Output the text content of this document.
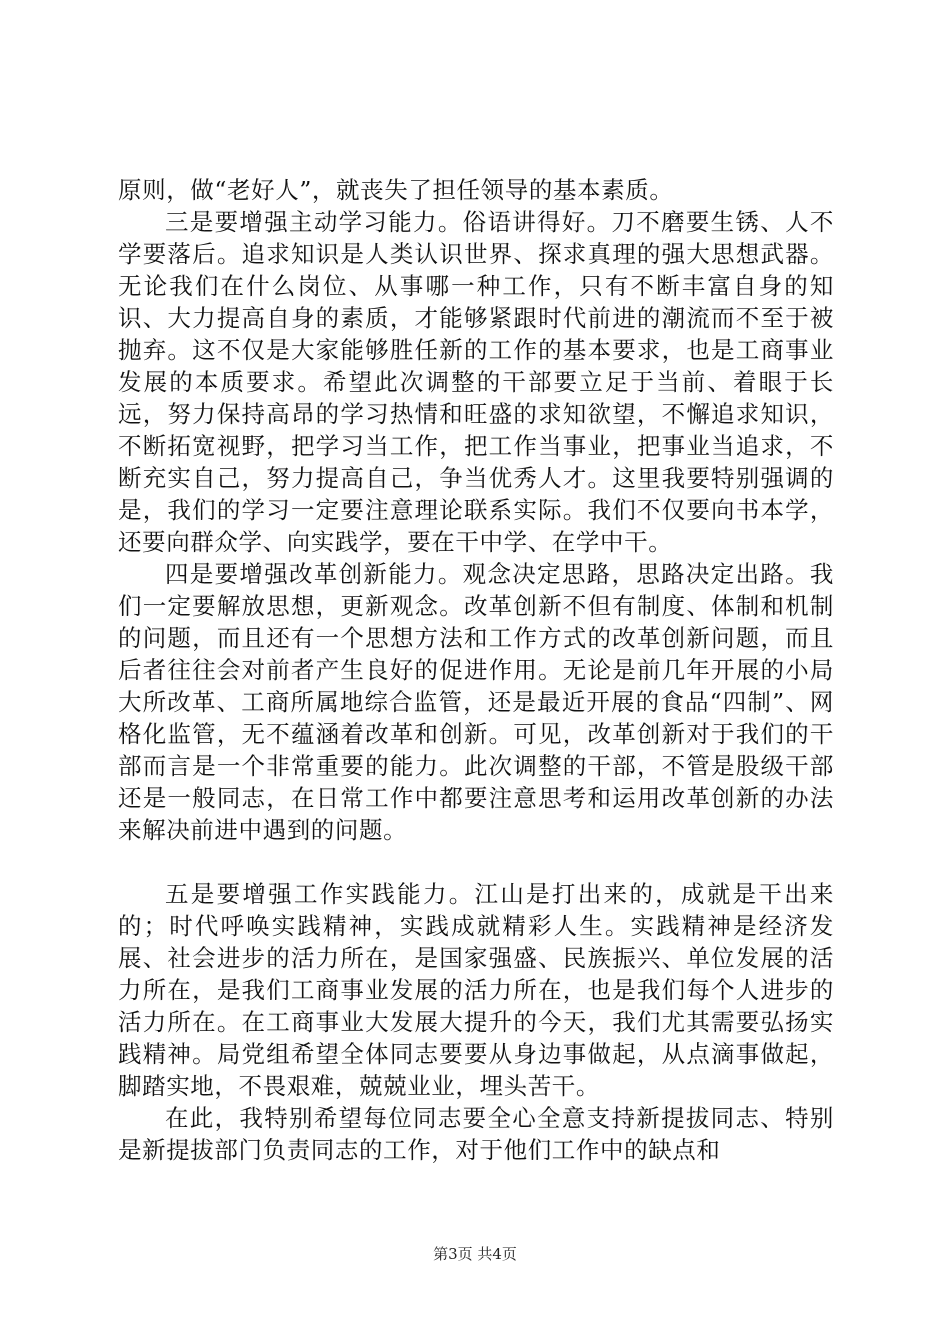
原则，做“老好人”，就丧失了担任领导的基本素质。

三是要增强主动学习能力。俗语讲得好。刀不磨要生锈、人不学要落后。追求知识是人类认识世界、探求真理的强大思想武器。无论我们在什么岗位、从事哪一种工作，只有不断丰富自身的知识、大力提高自身的素质，才能够紧跟时代前进的潮流而不至于被抛弃。这不仅是大家能够胜任新的工作的基本要求，也是工商事业发展的本质要求。希望此次调整的干部要立足于当前、着眼于长远，努力保持高昂的学习热情和旺盛的求知欲望，不懈追求知识，不断拓宽视野，把学习当工作，把工作当事业，把事业当追求，不断充实自己，努力提高自己，争当优秀人才。这里我要特别强调的是，我们的学习一定要注意理论联系实际。我们不仅要向书本学，还要向群众学、向实践学，要在干中学、在学中干。

四是要增强改革创新能力。观念决定思路，思路决定出路。我们一定要解放思想，更新观念。改革创新不但有制度、体制和机制的问题，而且还有一个思想方法和工作方式的改革创新问题，而且后者往往会对前者产生良好的促进作用。无论是前几年开展的小局大所改革、工商所属地综合监管，还是最近开展的食品“四制”、网格化监管，无不蕴涵着改革和创新。可见，改革创新对于我们的干部而言是一个非常重要的能力。此次调整的干部，不管是股级干部还是一般同志，在日常工作中都要注意思考和运用改革创新的办法来解决前进中遇到的问题。

五是要增强工作实践能力。江山是打出来的，成就是干出来的；时代呼唤实践精神，实践成就精彩人生。实践精神是经济发展、社会进步的活力所在，是国家强盛、民族振兴、单位发展的活力所在，是我们工商事业发展的活力所在，也是我们每个人进步的活力所在。在工商事业大发展大提升的今天，我们尤其需要弘扬实践精神。局党组希望全体同志要要从身边事做起，从点滴事做起，脚踏实地，不畏艰难，兢兢业业，埋头苦干。

在此，我特别希望每位同志要全心全意支持新提拔同志、特别是新提拔部门负责同志的工作，对于他们工作中的缺点和

第3页 共4页
